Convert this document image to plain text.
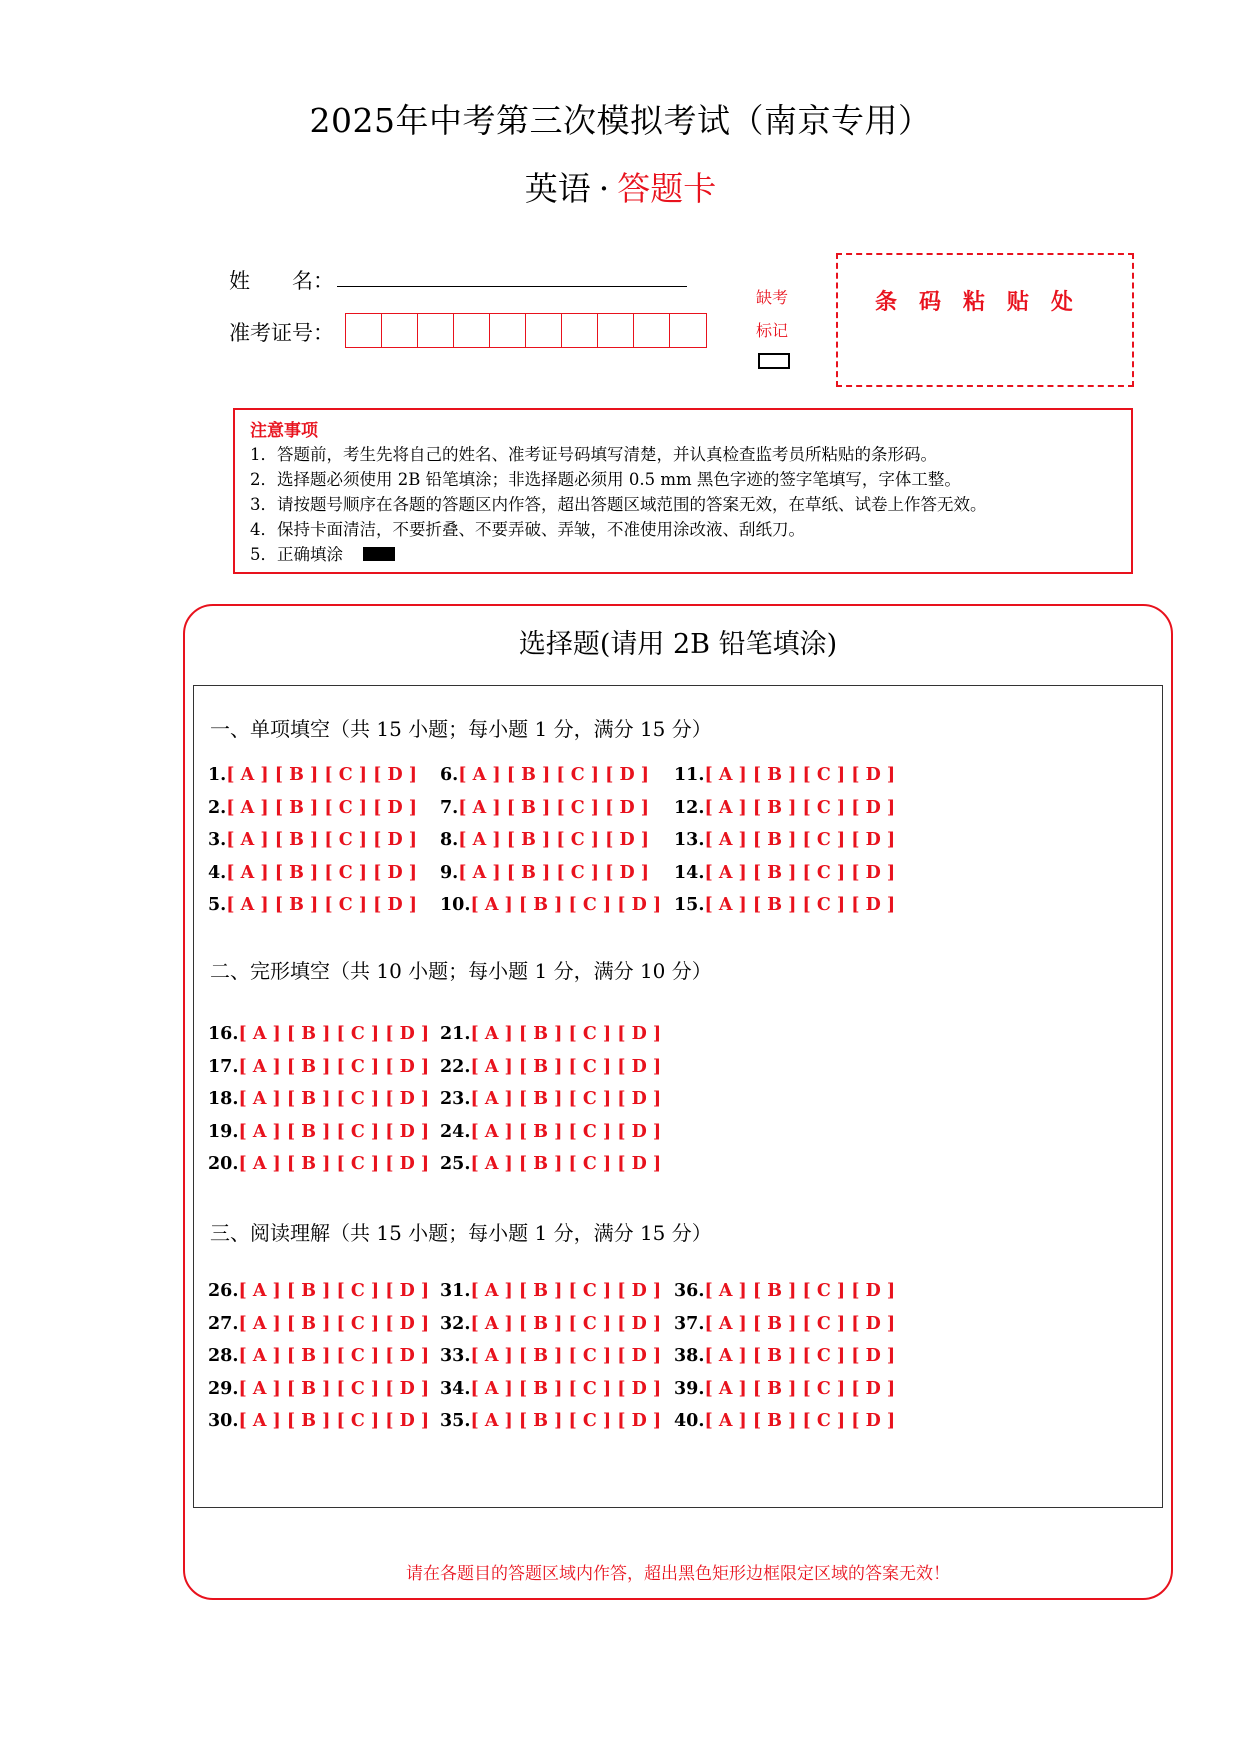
2025年中考第三次模拟考试（南京专用）
英语 · 答题卡
姓　　名：
准考证号：
缺考
标记
条码粘贴处
注意事项
1．答题前，考生先将自己的姓名、准考证号码填写清楚，并认真检查监考员所粘贴的条形码。
2．选择题必须使用 2B 铅笔填涂；非选择题必须用 0.5 mm 黑色字迹的签字笔填写，字体工整。
3．请按题号顺序在各题的答题区内作答，超出答题区域范围的答案无效，在草纸、试卷上作答无效。
4．保持卡面清洁，不要折叠、不要弄破、弄皱，不准使用涂改液、刮纸刀。
5．正确填涂
选择题(请用 2B 铅笔填涂)
一、单项填空（共 15 小题；每小题 1 分，满分 15 分）
二、完形填空（共 10 小题；每小题 1 分，满分 10 分）
三、阅读理解（共 15 小题；每小题 1 分，满分 15 分）
1.[ A ] [ B ] [ C ] [ D ]
2.[ A ] [ B ] [ C ] [ D ]
3.[ A ] [ B ] [ C ] [ D ]
4.[ A ] [ B ] [ C ] [ D ]
5.[ A ] [ B ] [ C ] [ D ]
6.[ A ] [ B ] [ C ] [ D ]
7.[ A ] [ B ] [ C ] [ D ]
8.[ A ] [ B ] [ C ] [ D ]
9.[ A ] [ B ] [ C ] [ D ]
10.[ A ] [ B ] [ C ] [ D ]
11.[ A ] [ B ] [ C ] [ D ]
12.[ A ] [ B ] [ C ] [ D ]
13.[ A ] [ B ] [ C ] [ D ]
14.[ A ] [ B ] [ C ] [ D ]
15.[ A ] [ B ] [ C ] [ D ]
16.[ A ] [ B ] [ C ] [ D ]
17.[ A ] [ B ] [ C ] [ D ]
18.[ A ] [ B ] [ C ] [ D ]
19.[ A ] [ B ] [ C ] [ D ]
20.[ A ] [ B ] [ C ] [ D ]
21.[ A ] [ B ] [ C ] [ D ]
22.[ A ] [ B ] [ C ] [ D ]
23.[ A ] [ B ] [ C ] [ D ]
24.[ A ] [ B ] [ C ] [ D ]
25.[ A ] [ B ] [ C ] [ D ]
26.[ A ] [ B ] [ C ] [ D ]
27.[ A ] [ B ] [ C ] [ D ]
28.[ A ] [ B ] [ C ] [ D ]
29.[ A ] [ B ] [ C ] [ D ]
30.[ A ] [ B ] [ C ] [ D ]
31.[ A ] [ B ] [ C ] [ D ]
32.[ A ] [ B ] [ C ] [ D ]
33.[ A ] [ B ] [ C ] [ D ]
34.[ A ] [ B ] [ C ] [ D ]
35.[ A ] [ B ] [ C ] [ D ]
36.[ A ] [ B ] [ C ] [ D ]
37.[ A ] [ B ] [ C ] [ D ]
38.[ A ] [ B ] [ C ] [ D ]
39.[ A ] [ B ] [ C ] [ D ]
40.[ A ] [ B ] [ C ] [ D ]
请在各题目的答题区域内作答，超出黑色矩形边框限定区域的答案无效！
